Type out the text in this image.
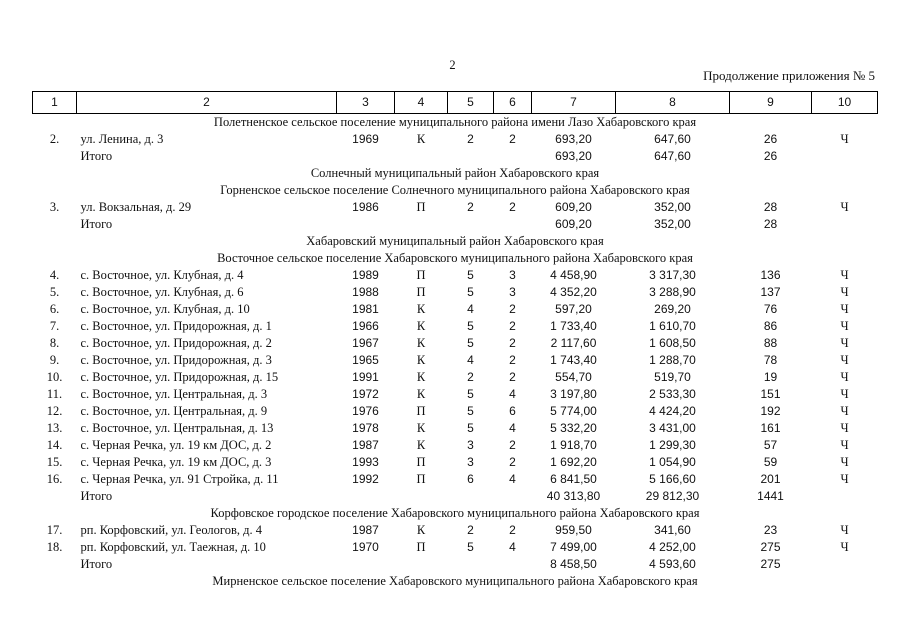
2
Продолжение приложения № 5
1	2	3	4	5	6	7	8	9	10
Полетненское сельское поселение муниципального района имени Лазо Хабаровского края									
2.	ул. Ленина, д. 3	1969	К	2	2	693,20	647,60	26	Ч
	Итого					693,20	647,60	26	
Солнечный муниципальный район Хабаровского края									
Горненское сельское поселение Солнечного муниципального района Хабаровского края									
3.	ул. Вокзальная, д. 29	1986	П	2	2	609,20	352,00	28	Ч
	Итого					609,20	352,00	28	
Хабаровский муниципальный район Хабаровского края									
Восточное сельское поселение Хабаровского муниципального района Хабаровского края									
4.	с. Восточное, ул. Клубная, д. 4	1989	П	5	3	4 458,90	3 317,30	136	Ч
5.	с. Восточное, ул. Клубная, д. 6	1988	П	5	3	4 352,20	3 288,90	137	Ч
6.	с. Восточное, ул. Клубная, д. 10	1981	К	4	2	597,20	269,20	76	Ч
7.	с. Восточное, ул. Придорожная, д. 1	1966	К	5	2	1 733,40	1 610,70	86	Ч
8.	с. Восточное, ул. Придорожная, д. 2	1967	К	5	2	2 117,60	1 608,50	88	Ч
9.	с. Восточное, ул. Придорожная, д. 3	1965	К	4	2	1 743,40	1 288,70	78	Ч
10.	с. Восточное, ул. Придорожная, д. 15	1991	К	2	2	554,70	519,70	19	Ч
11.	с. Восточное, ул. Центральная, д. 3	1972	К	5	4	3 197,80	2 533,30	151	Ч
12.	с. Восточное, ул. Центральная, д. 9	1976	П	5	6	5 774,00	4 424,20	192	Ч
13.	с. Восточное, ул. Центральная, д. 13	1978	К	5	4	5 332,20	3 431,00	161	Ч
14.	с. Черная Речка, ул. 19 км ДОС, д. 2	1987	К	3	2	1 918,70	1 299,30	57	Ч
15.	с. Черная Речка, ул. 19 км ДОС, д. 3	1993	П	3	2	1 692,20	1 054,90	59	Ч
16.	с. Черная Речка, ул. 91 Стройка, д. 11	1992	П	6	4	6 841,50	5 166,60	201	Ч
	Итого					40 313,80	29 812,30	1441	
Корфовское городское поселение Хабаровского муниципального района Хабаровского края									
17.	рп. Корфовский, ул. Геологов, д. 4	1987	К	2	2	959,50	341,60	23	Ч
18.	рп. Корфовский, ул. Таежная, д. 10	1970	П	5	4	7 499,00	4 252,00	275	Ч
	Итого					8 458,50	4 593,60	275	
Мирненское сельское поселение Хабаровского муниципального района Хабаровского края									
